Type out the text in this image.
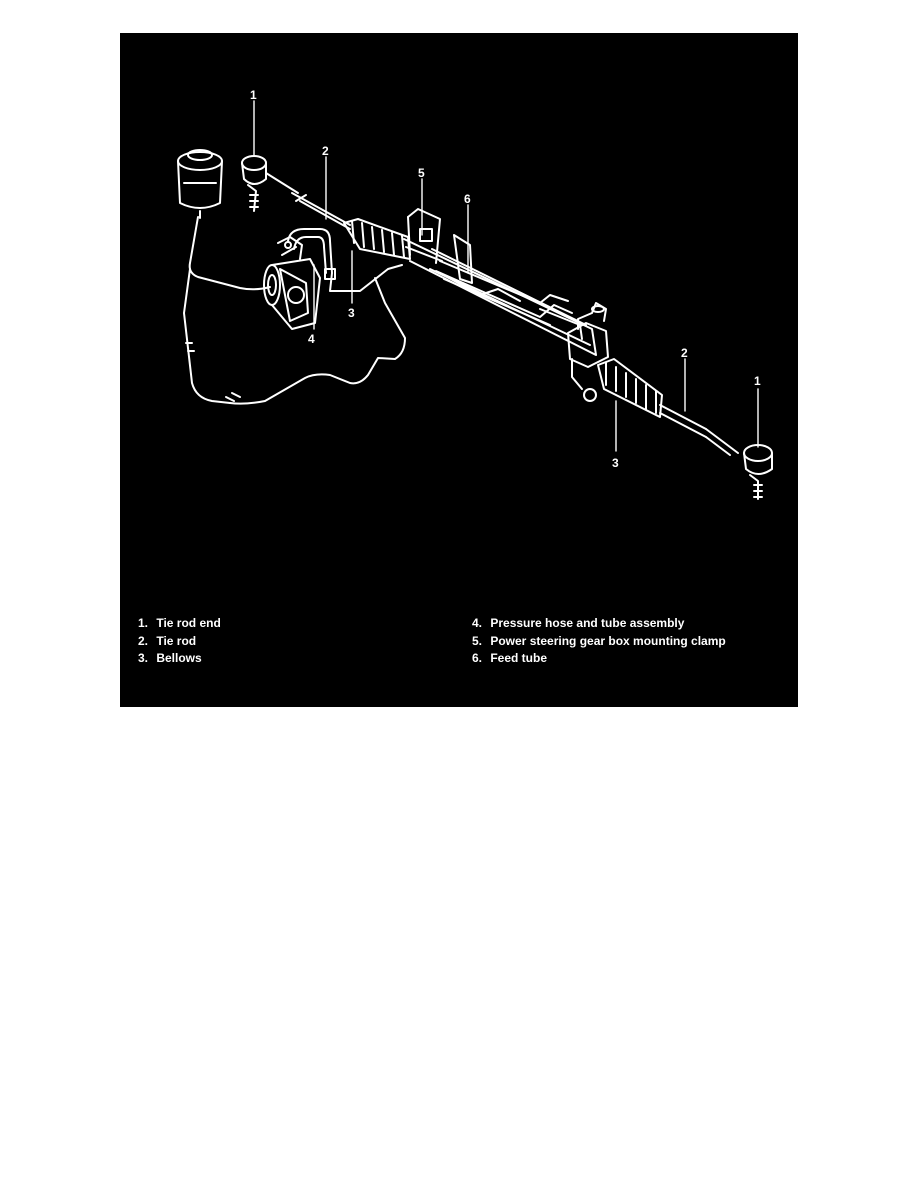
1
2
5
6
3
4
2
1
3
1. Tie rod end
2. Tie rod
3. Bellows
4. Pressure hose and tube assembly
5. Power steering gear box mounting clamp
6. Feed tube
